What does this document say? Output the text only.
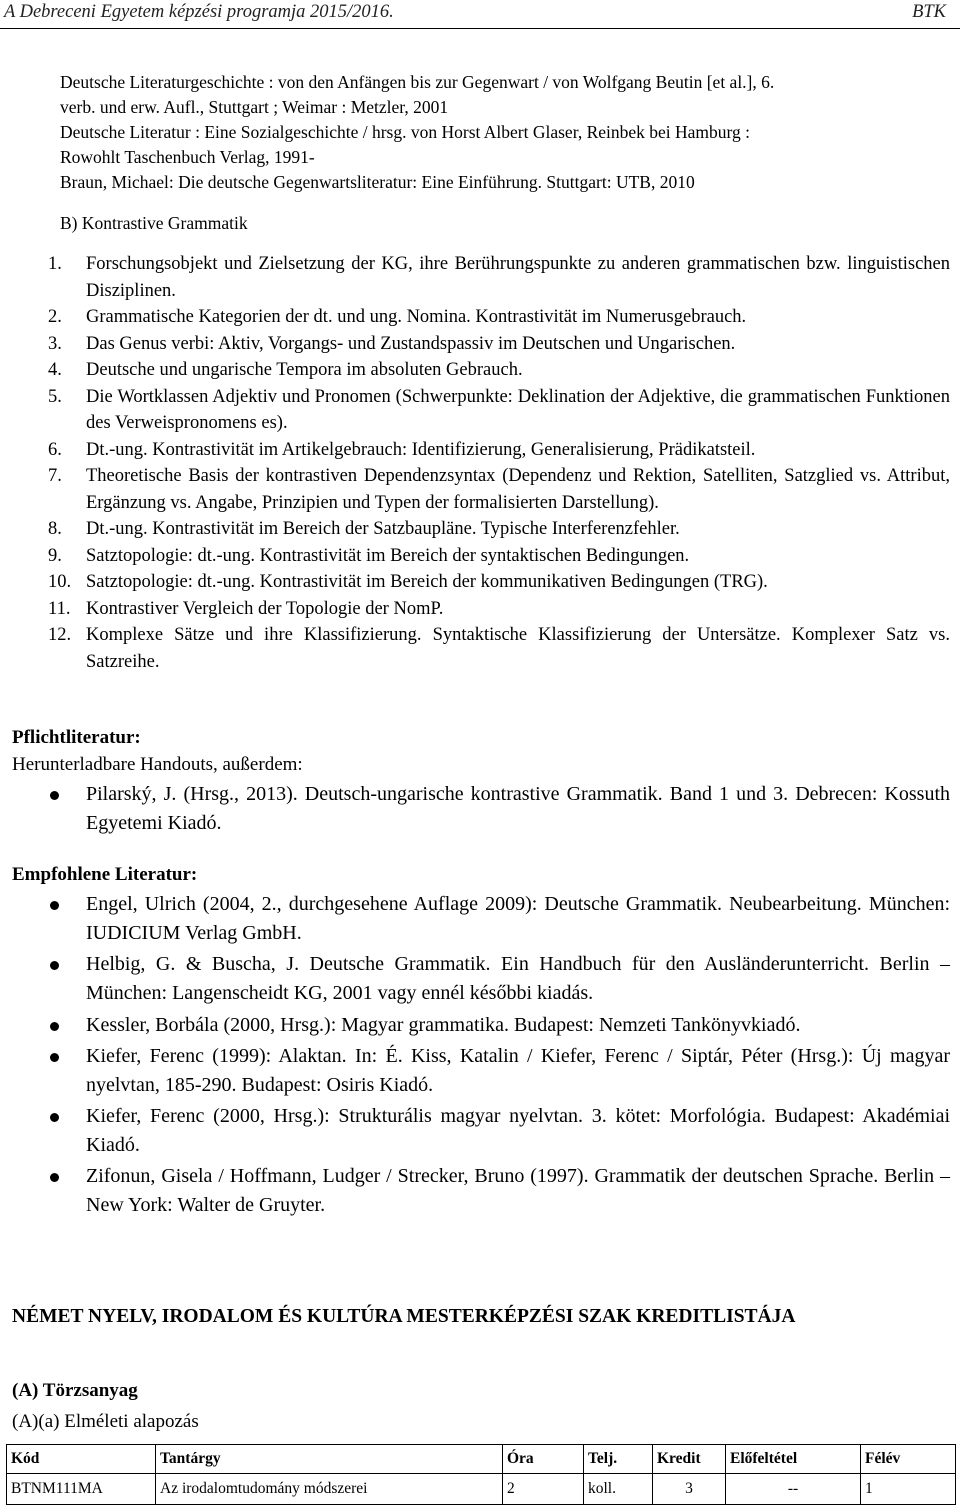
A Debreceni Egyetem képzési programja 2015/2016.	BTK
Deutsche Literaturgeschichte : von den Anfängen bis zur Gegenwart / von Wolfgang Beutin [et al.], 6.
verb. und erw. Aufl., Stuttgart ; Weimar : Metzler, 2001
Deutsche Literatur : Eine Sozialgeschichte / hrsg. von Horst Albert Glaser, Reinbek bei Hamburg :
Rowohlt Taschenbuch Verlag, 1991-
Braun, Michael: Die deutsche Gegenwartsliteratur: Eine Einführung. Stuttgart: UTB, 2010
B) Kontrastive Grammatik
1.	Forschungsobjekt und Zielsetzung der KG, ihre Berührungspunkte zu anderen grammatischen bzw. linguistischen Disziplinen.
2.	Grammatische Kategorien der dt. und ung. Nomina. Kontrastivität im Numerusgebrauch.
3.	Das Genus verbi: Aktiv, Vorgangs- und Zustandspassiv im Deutschen und Ungarischen.
4.	Deutsche und ungarische Tempora im absoluten Gebrauch.
5.	Die Wortklassen Adjektiv und Pronomen (Schwerpunkte: Deklination der Adjektive, die grammatischen Funktionen des Verweispronomens es).
6.	Dt.-ung. Kontrastivität im Artikelgebrauch: Identifizierung, Generalisierung, Prädikatsteil.
7.	Theoretische Basis der kontrastiven Dependenzsyntax (Dependenz und Rektion, Satelliten, Satzglied vs. Attribut, Ergänzung vs. Angabe, Prinzipien und Typen der formalisierten Darstellung).
8.	Dt.-ung. Kontrastivität im Bereich der Satzbaupläne. Typische Interferenzfehler.
9.	Satztopologie: dt.-ung. Kontrastivität im Bereich der syntaktischen Bedingungen.
10. Satztopologie: dt.-ung. Kontrastivität im Bereich der kommunikativen Bedingungen (TRG).
11. Kontrastiver Vergleich der Topologie der NomP.
12. Komplexe Sätze und ihre Klassifizierung. Syntaktische Klassifizierung der Untersätze. Komplexer Satz vs. Satzreihe.
Pflichtliteratur:
Herunterladbare Handouts, außerdem:
Pilarský, J. (Hrsg., 2013). Deutsch-ungarische kontrastive Grammatik. Band 1 und 3. Debrecen: Kossuth Egyetemi Kiadó.
Empfohlene Literatur:
Engel, Ulrich (2004, 2., durchgesehene Auflage 2009): Deutsche Grammatik. Neubearbeitung. München: IUDICIUM Verlag GmbH.
Helbig, G. & Buscha, J. Deutsche Grammatik. Ein Handbuch für den Ausländerunterricht. Berlin – München: Langenscheidt KG, 2001 vagy ennél későbbi kiadás.
Kessler, Borbála (2000, Hrsg.): Magyar grammatika. Budapest: Nemzeti Tankönyvkiadó.
Kiefer, Ferenc (1999): Alaktan. In: É. Kiss, Katalin / Kiefer, Ferenc / Siptár, Péter (Hrsg.): Új magyar nyelvtan, 185-290. Budapest: Osiris Kiadó.
Kiefer, Ferenc (2000, Hrsg.): Strukturális magyar nyelvtan. 3. kötet: Morfológia. Budapest: Akadémiai Kiadó.
Zifonun, Gisela / Hoffmann, Ludger / Strecker, Bruno (1997). Grammatik der deutschen Sprache. Berlin – New York: Walter de Gruyter.
NÉMET NYELV, IRODALOM ÉS KULTÚRA MESTERKÉPZÉSI SZAK KREDITLISTÁJA
(A) Törzsanyag
(A)(a) Elméleti alapozás
Kód	Tantárgy	Óra	Telj.	Kredit	Előfeltétel	Félév
BTNM111MA	Az irodalomtudomány módszerei	2	koll.	3	--	1
